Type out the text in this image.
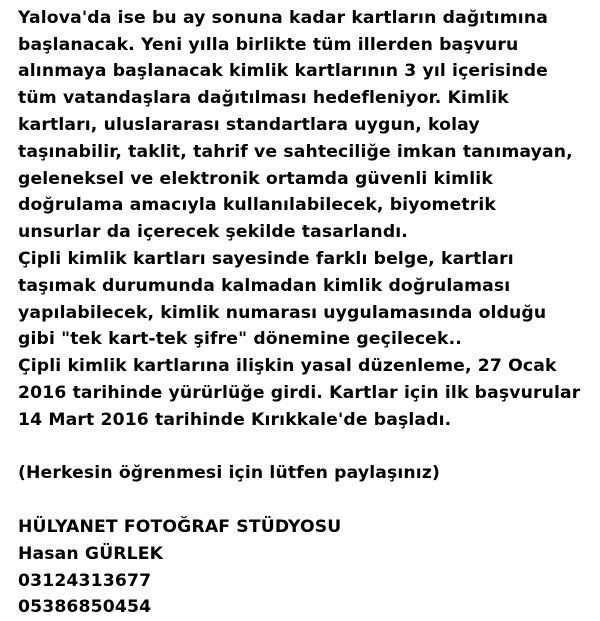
Yalova'da ise bu ay sonuna kadar kartların dağıtımına
başlanacak. Yeni yılla birlikte tüm illerden başvuru
alınmaya başlanacak kimlik kartlarının 3 yıl içerisinde
tüm vatandaşlara dağıtılması hedefleniyor. Kimlik
kartları, uluslararası standartlara uygun, kolay
taşınabilir, taklit, tahrif ve sahteciliğe imkan tanımayan,
geleneksel ve elektronik ortamda güvenli kimlik
doğrulama amacıyla kullanılabilecek, biyometrik
unsurlar da içerecek şekilde tasarlandı.
Çipli kimlik kartları sayesinde farklı belge, kartları
taşımak durumunda kalmadan kimlik doğrulaması
yapılabilecek, kimlik numarası uygulamasında olduğu
gibi "tek kart-tek şifre" dönemine geçilecek..
Çipli kimlik kartlarına ilişkin yasal düzenleme, 27 Ocak
2016 tarihinde yürürlüğe girdi. Kartlar için ilk başvurular
14 Mart 2016 tarihinde Kırıkkale'de başladı.
(Herkesin öğrenmesi için lütfen paylaşınız)
HÜLYANET FOTOĞRAF STÜDYOSU
Hasan GÜRLEK
03124313677
05386850454
